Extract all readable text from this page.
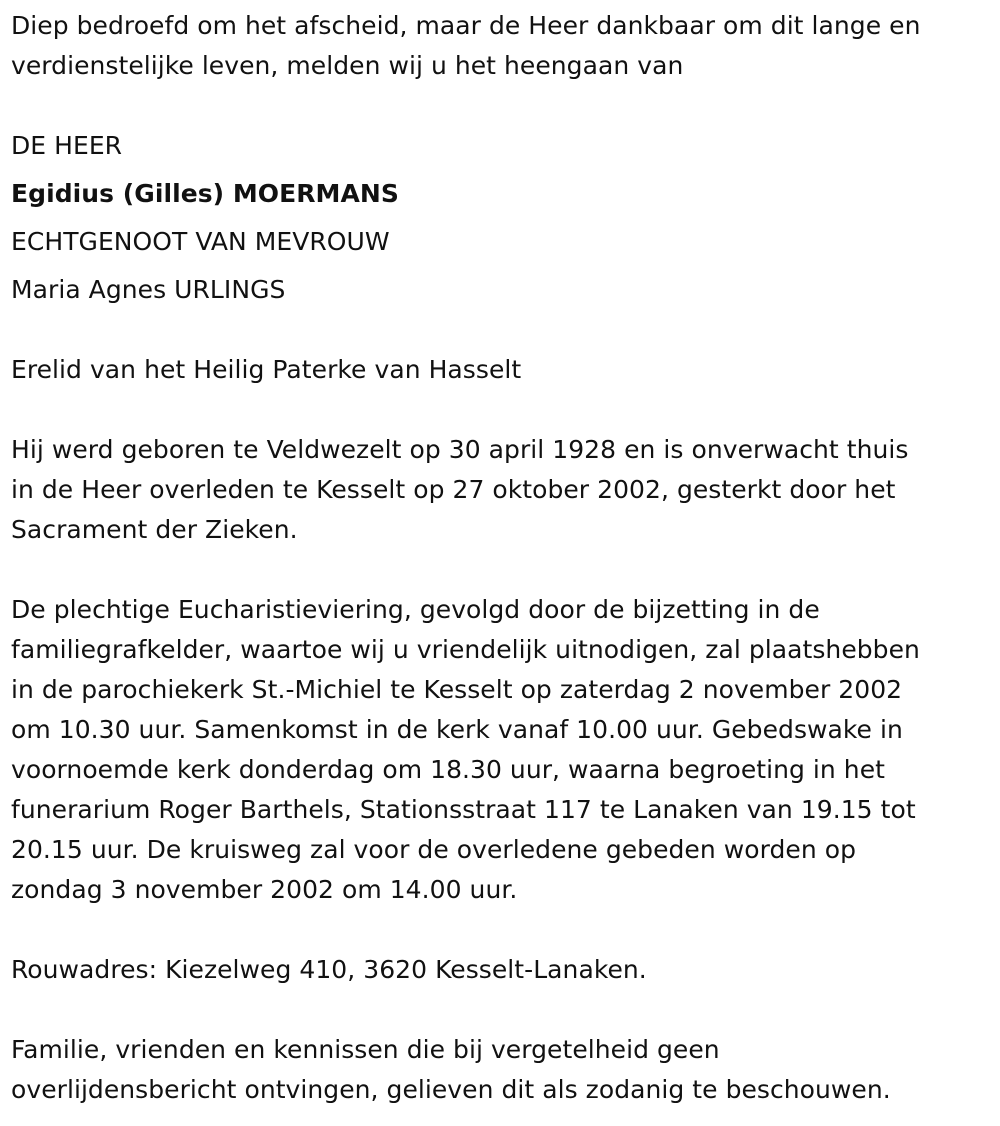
Diep bedroefd om het afscheid, maar de Heer dankbaar om dit lange en
verdienstelijke leven, melden wij u het heengaan van
DE HEER
Egidius (Gilles) MOERMANS
ECHTGENOOT VAN MEVROUW
Maria Agnes URLINGS
Erelid van het Heilig Paterke van Hasselt
Hij werd geboren te Veldwezelt op 30 april 1928 en is onverwacht thuis
in de Heer overleden te Kesselt op 27 oktober 2002, gesterkt door het
Sacrament der Zieken.
De plechtige Eucharistieviering, gevolgd door de bijzetting in de
familiegrafkelder, waartoe wij u vriendelijk uitnodigen, zal plaatshebben
in de parochiekerk St.-Michiel te Kesselt op zaterdag 2 november 2002
om 10.30 uur. Samenkomst in de kerk vanaf 10.00 uur. Gebedswake in
voornoemde kerk donderdag om 18.30 uur, waarna begroeting in het
funerarium Roger Barthels, Stationsstraat 117 te Lanaken van 19.15 tot
20.15 uur. De kruisweg zal voor de overledene gebeden worden op
zondag 3 november 2002 om 14.00 uur.
Rouwadres: Kiezelweg 410, 3620 Kesselt-Lanaken.
Familie, vrienden en kennissen die bij vergetelheid geen
overlijdensbericht ontvingen, gelieven dit als zodanig te beschouwen.
